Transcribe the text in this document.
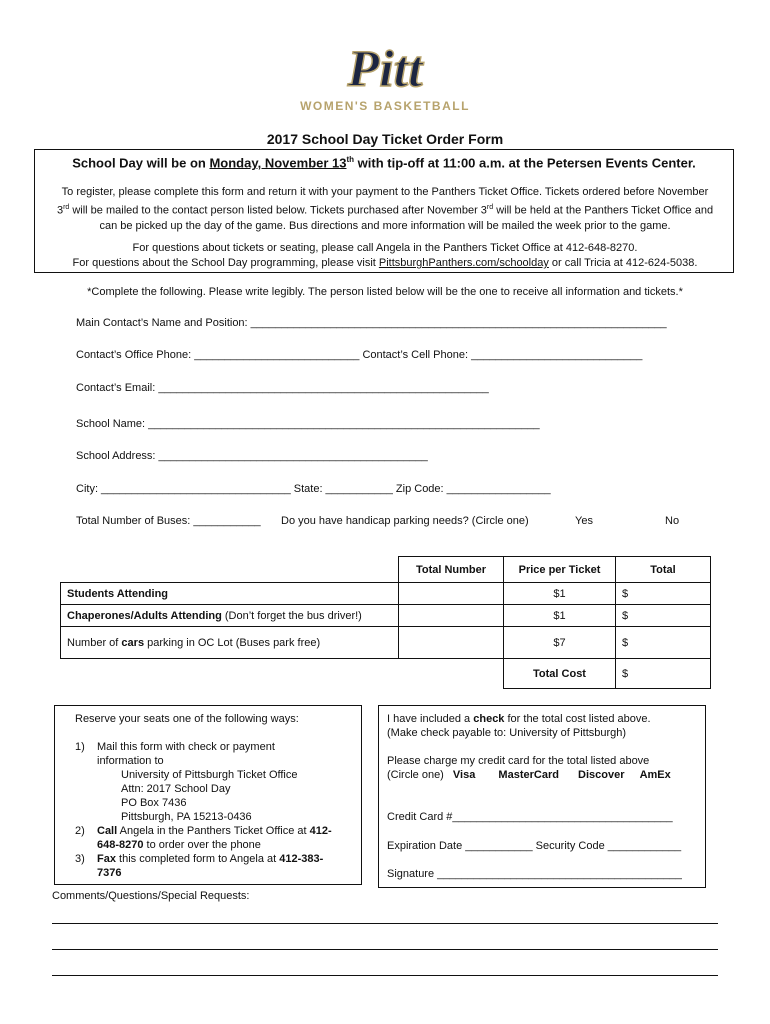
Pitt
WOMEN'S BASKETBALL
2017 School Day Ticket Order Form
School Day will be on Monday, November 13th with tip-off at 11:00 a.m. at the Petersen Events Center.
To register, please complete this form and return it with your payment to the Panthers Ticket Office. Tickets ordered before November
3rd will be mailed to the contact person listed below. Tickets purchased after November 3rd will be held at the Panthers Ticket Office and
can be picked up the day of the game. Bus directions and more information will be mailed the week prior to the game.
For questions about tickets or seating, please call Angela in the Panthers Ticket Office at 412-648-8270.
For questions about the School Day programming, please visit PittsburghPanthers.com/schoolday or call Tricia at 412-624-5038.
*Complete the following. Please write legibly. The person listed below will be the one to receive all information and tickets.*
Main Contact’s Name and Position: ____________________________________________________________________
Contact’s Office Phone: ___________________________ Contact’s Cell Phone: ____________________________
Contact’s Email: ______________________________________________________
School Name: ________________________________________________________________
School Address: ____________________________________________
City: _______________________________ State: ___________ Zip Code: _________________
Total Number of Buses: ___________ Do you have handicap parking needs? (Circle one)	Yes	No
	Total Number	Price per Ticket	Total
Students Attending		$1	$
Chaperones/Adults Attending (Don’t forget the bus driver!)		$1	$
Number of cars parking in OC Lot (Buses park free)		$7	$
		Total Cost	$
Reserve your seats one of the following ways:
1) Mail this form with check or payment
information to
University of Pittsburgh Ticket Office
Attn: 2017 School Day
PO Box 7436
Pittsburgh, PA 15213-0436
2) Call Angela in the Panthers Ticket Office at 412-
648-8270 to order over the phone
3) Fax this completed form to Angela at 412-383-
7376
I have included a check for the total cost listed above.
(Make check payable to: University of Pittsburgh)
Please charge my credit card for the total listed above
(Circle one) Visa MasterCard Discover AmEx
Credit Card #____________________________________
Expiration Date ___________ Security Code ____________
Signature ________________________________________
Comments/Questions/Special Requests:
